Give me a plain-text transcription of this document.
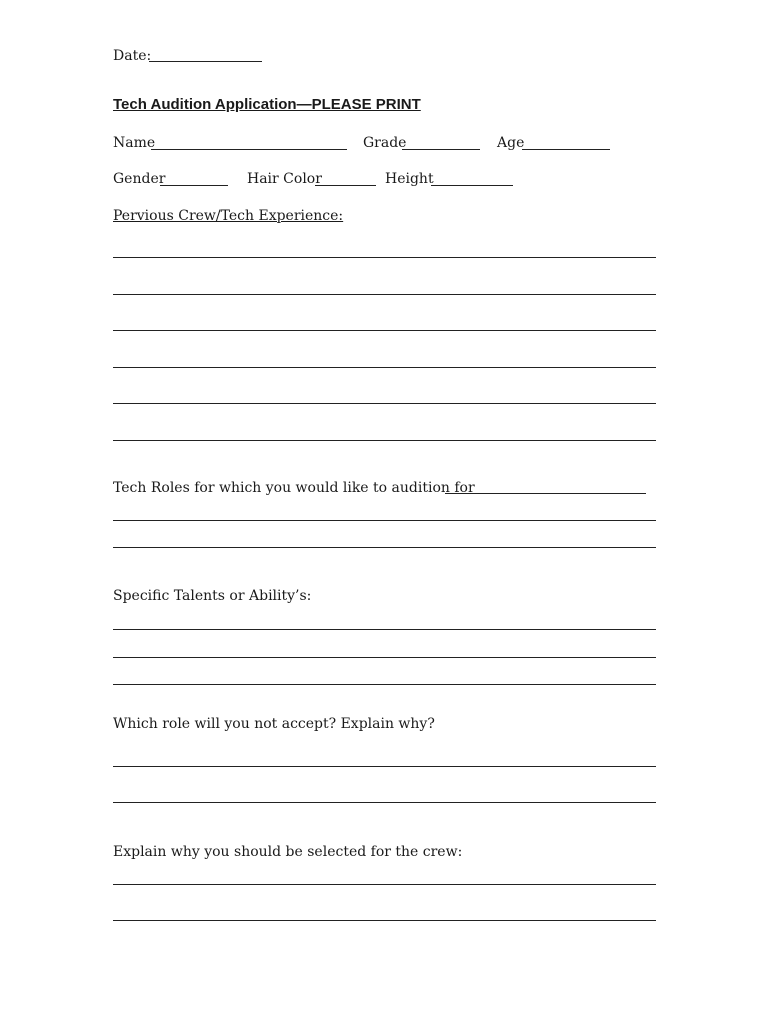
Date:
Tech Audition Application—PLEASE PRINT
Name	Grade	Age
Gender	Hair Color	Height
Pervious Crew/Tech Experience:
Tech Roles for which you would like to audition for
Specific Talents or Ability’s:
Which role will you not accept? Explain why?
Explain why you should be selected for the crew:
